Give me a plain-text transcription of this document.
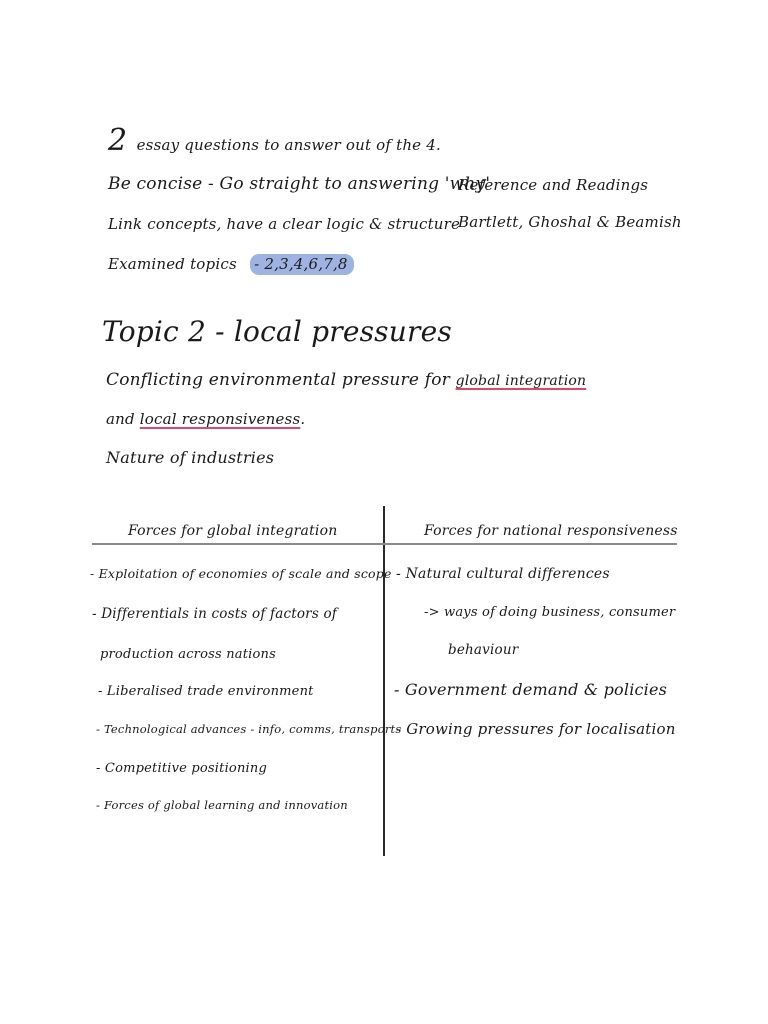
2 essay questions to answer out of the 4.
Be concise - Go straight to answering 'why'
Link concepts, have a clear logic & structure
Examined topics - 2,3,4,6,7,8
Reference and Readings
Bartlett, Ghoshal & Beamish
Topic 2 - local pressures
Conflicting environmental pressure for global integration
and local responsiveness.
Nature of industries
Forces for global integration	Forces for national responsiveness
- Exploitation of economies of scale and scope
- Differentials in costs of factors of
production across nations
- Liberalised trade environment
- Technological advances - info, comms, transports
- Competitive positioning
- Forces of global learning and innovation
- Natural cultural differences
-> ways of doing business, consumer
behaviour
- Government demand & policies
- Growing pressures for localisation
